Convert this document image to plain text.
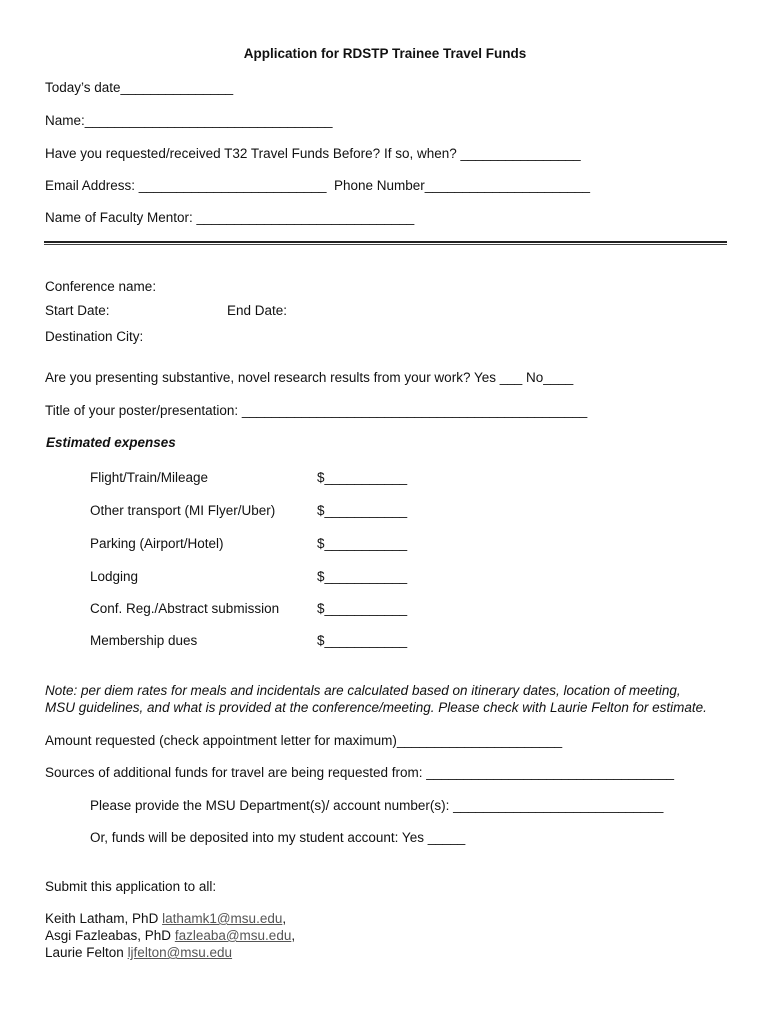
Application for RDSTP Trainee Travel Funds
Today’s date_______________
Name:_________________________________
Have you requested/received T32 Travel Funds Before? If so, when? ________________
Email Address: _________________________ Phone Number______________________
Name of Faculty Mentor: _____________________________
Conference name:
Start Date:	End Date:
Destination City:
Are you presenting substantive, novel research results from your work? Yes ___ No____
Title of your poster/presentation: ______________________________________________
Estimated expenses
Flight/Train/Mileage	$___________
Other transport (MI Flyer/Uber)	$___________
Parking (Airport/Hotel)	$___________
Lodging	$___________
Conf. Reg./Abstract submission	$___________
Membership dues	$___________
Note: per diem rates for meals and incidentals are calculated based on itinerary dates, location of meeting,
MSU guidelines, and what is provided at the conference/meeting. Please check with Laurie Felton for estimate.
Amount requested (check appointment letter for maximum)______________________
Sources of additional funds for travel are being requested from: _________________________________
Please provide the MSU Department(s)/ account number(s): ____________________________
Or, funds will be deposited into my student account: Yes _____
Submit this application to all:
Keith Latham, PhD lathamk1@msu.edu,
Asgi Fazleabas, PhD fazleaba@msu.edu,
Laurie Felton ljfelton@msu.edu
